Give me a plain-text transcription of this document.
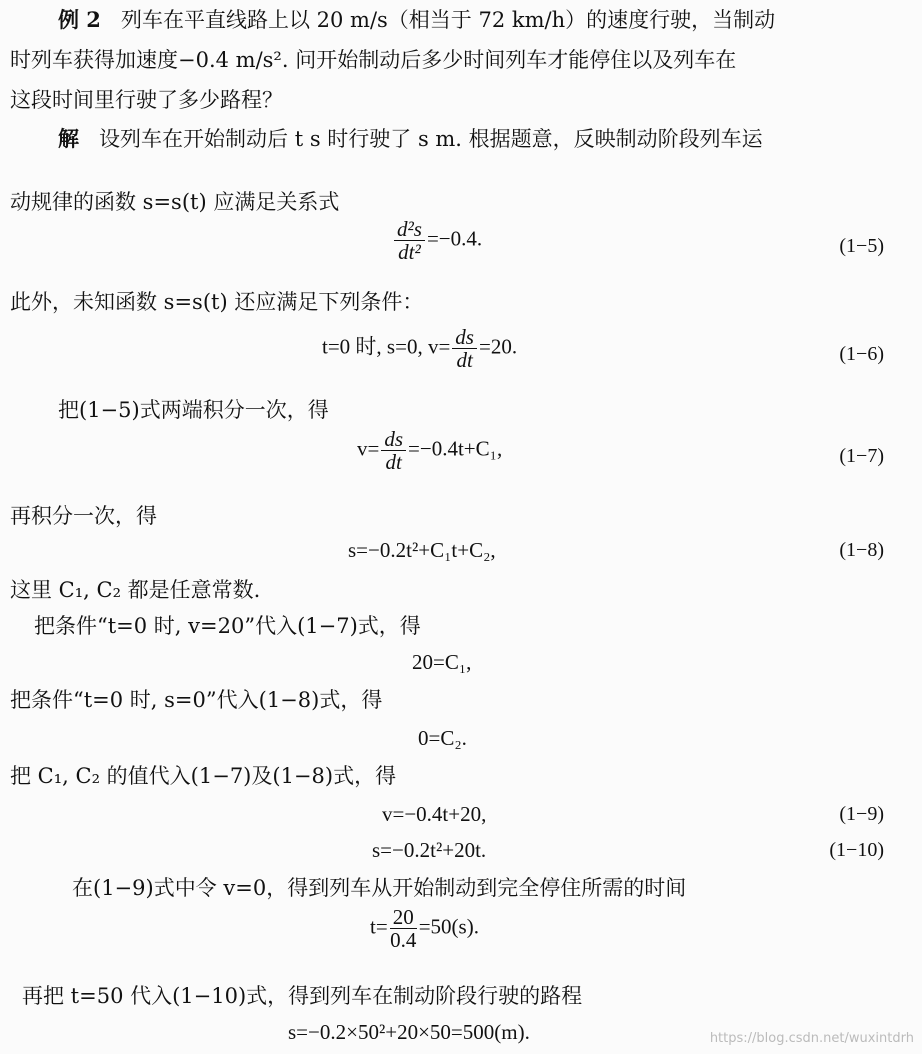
例 2 列车在平直线路上以 20 m/s（相当于 72 km/h）的速度行驶，当制动
时列车获得加速度−0.4 m/s². 问开始制动后多少时间列车才能停住以及列车在
这段时间里行驶了多少路程？
解 设列车在开始制动后 t s 时行驶了 s m. 根据题意，反映制动阶段列车运
动规律的函数 s=s(t) 应满足关系式
$\frac{\text{d²s}}{\text{dt²}} =-0.4$.	(1−5)
此外，未知函数 s=s(t) 还应满足下列条件：
t=0 时, s=0, $v= \frac{ds}{dt} =20$.	(1−6)
把(1−5)式两端积分一次，得
$v= \frac{ds}{dt} =-0.4t+C_1$,	(1−7)
再积分一次，得
s=−0.2t²+C₁t+C₂,	(1−8)
这里 C₁, C₂ 都是任意常数.
把条件“t=0 时, v=20”代入(1−7)式，得
20=C₁,
把条件“t=0 时, s=0”代入(1−8)式，得
0=C₂.
把 C₁, C₂ 的值代入(1−7)及(1−8)式，得
v=−0.4t+20,	(1−9)
s=−0.2t²+20t.	(1−10)
在(1−9)式中令 v=0，得到列车从开始制动到完全停住所需的时间
$t= \frac{20}{0.4} =50(s)$.
再把 t=50 代入(1−10)式，得到列车在制动阶段行驶的路程
s=−0.2×50²+20×50=500(m).	https://blog.csdn.net/wuxintdrh
